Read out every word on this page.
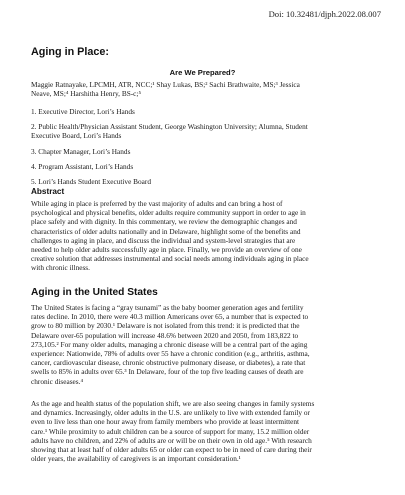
Doi: 10.32481/djph.2022.08.007
Aging in Place:
Are We Prepared?
Maggie Ratnayake, LPCMH, ATR, NCC;¹ Shay Lukas, BS;² Sachi Brathwaite, MS;³ Jessica
Neave, MS;⁴ Harshitha Henry, BS-c;⁵
1. Executive Director, Lori’s Hands
2. Public Health/Physician Assistant Student, George Washington University; Alumna, Student
Executive Board, Lori’s Hands
3. Chapter Manager, Lori’s Hands
4. Program Assistant, Lori’s Hands
5. Lori’s Hands Student Executive Board
Abstract
While aging in place is preferred by the vast majority of adults and can bring a host of
psychological and physical benefits, older adults require community support in order to age in
place safely and with dignity. In this commentary, we review the demographic changes and
characteristics of older adults nationally and in Delaware, highlight some of the benefits and
challenges to aging in place, and discuss the individual and system-level strategies that are
needed to help older adults successfully age in place. Finally, we provide an overview of one
creative solution that addresses instrumental and social needs among individuals aging in place
with chronic illness.
Aging in the United States
The United States is facing a “gray tsunami” as the baby boomer generation ages and fertility
rates decline. In 2010, there were 40.3 million Americans over 65, a number that is expected to
grow to 80 million by 2030.¹ Delaware is not isolated from this trend: it is predicted that the
Delaware over-65 population will increase 48.6% between 2020 and 2050, from 183,822 to
273,105.² For many older adults, managing a chronic disease will be a central part of the aging
experience: Nationwide, 78% of adults over 55 have a chronic condition (e.g., arthritis, asthma,
cancer, cardiovascular disease, chronic obstructive pulmonary disease, or diabetes), a rate that
swells to 85% in adults over 65.³ In Delaware, four of the top five leading causes of death are
chronic diseases.⁴
As the age and health status of the population shift, we are also seeing changes in family systems
and dynamics. Increasingly, older adults in the U.S. are unlikely to live with extended family or
even to live less than one hour away from family members who provide at least intermittent
care.¹ While proximity to adult children can be a source of support for many, 15.2 million older
adults have no children, and 22% of adults are or will be on their own in old age.⁵ With research
showing that at least half of older adults 65 or older can expect to be in need of care during their
older years, the availability of caregivers is an important consideration.¹
